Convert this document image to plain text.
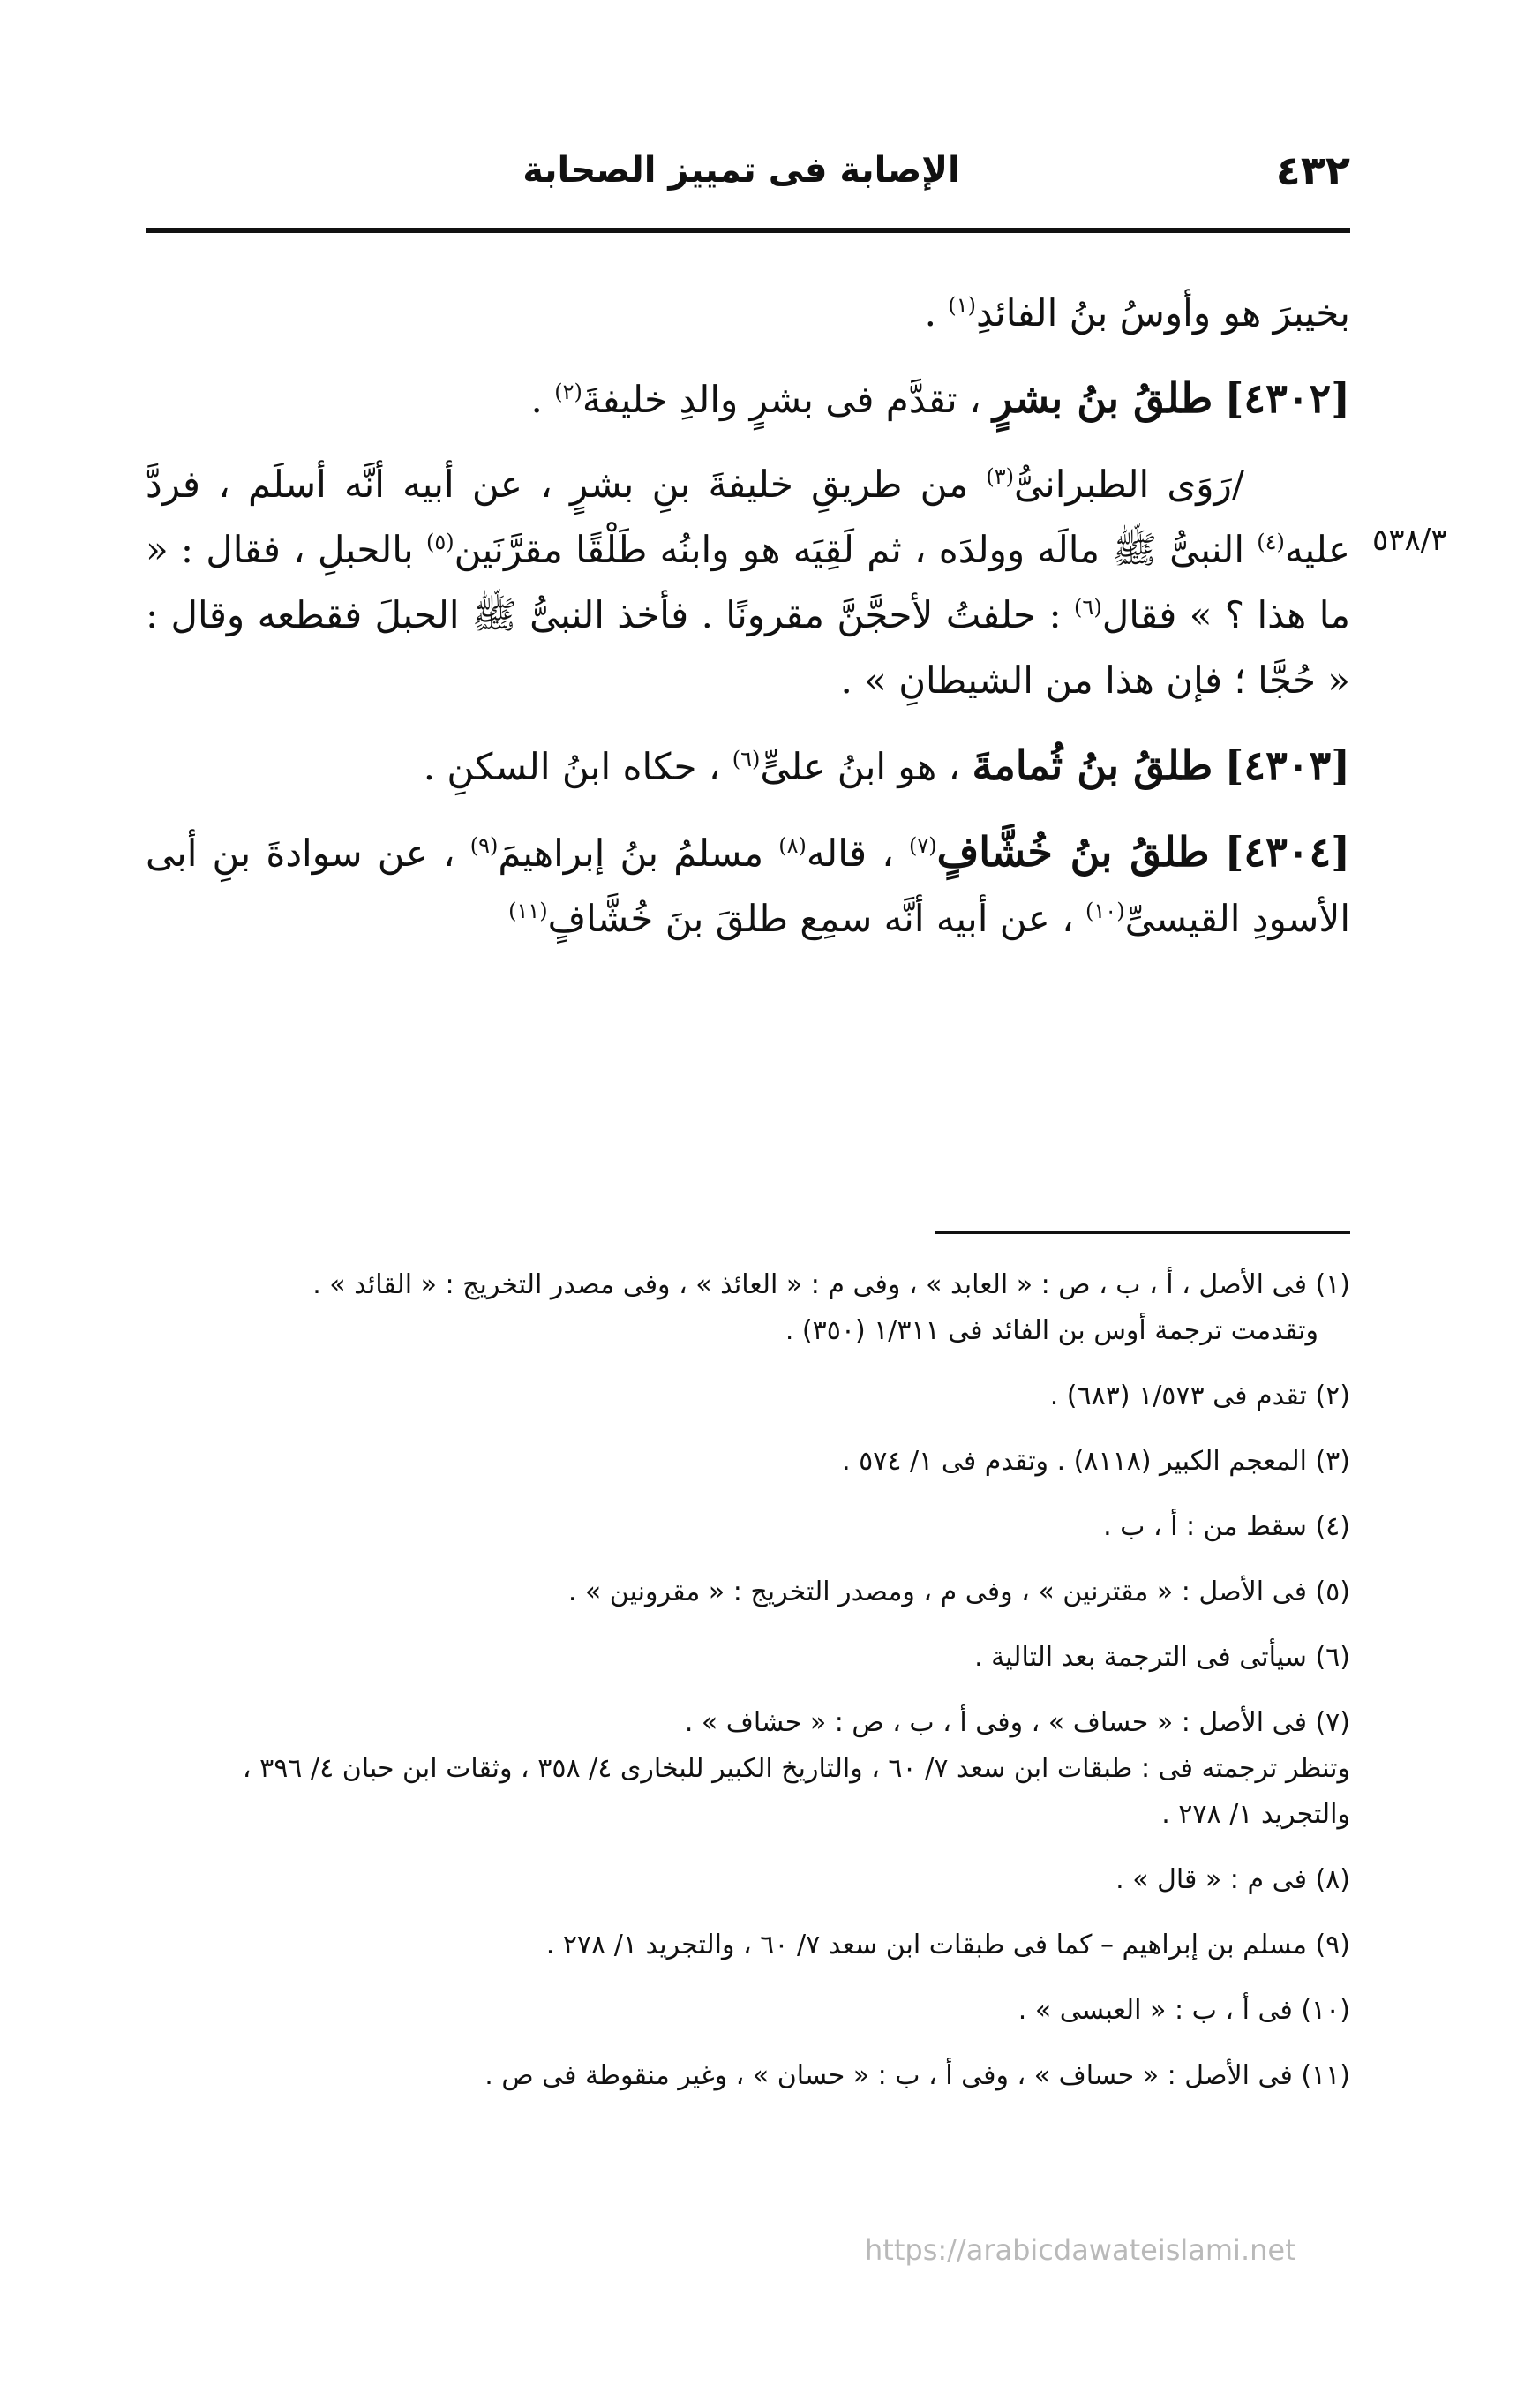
٤٣٢
الإصابة فى تمييز الصحابة
٥٣٨/٣

بخيبرَ هو وأوسُ بنُ الفائدِ$^{(١)}$ .

[٤٣٠٢] طلقُ بنُ بشرٍ ، تقدَّم فى بشرٍ والدِ خليفةَ$^{(٢)}$ .

/رَوَى الطبرانىُّ$^{(٣)}$ من طريقِ خليفةَ بنِ بشرٍ ، عن أبيه أنَّه أسلَم ، فردَّ عليه$^{(٤)}$ النبىُّ ﷺ مالَه وولدَه ، ثم لَقِيَه هو وابنُه طَلْقًا مقرَّنَين$^{(٥)}$ بالحبلِ ، فقال : « ما هذا ؟ » فقال$^{(٦)}$ : حلفتُ لأحجَّنَّ مقرونًا . فأخذ النبىُّ ﷺ الحبلَ فقطعه وقال : « حُجَّا ؛ فإن هذا من الشيطانِ » .

[٤٣٠٣] طلقُ بنُ ثُمامةَ ، هو ابنُ علىٍّ$^{(٦)}$ ، حكاه ابنُ السكنِ .

[٤٣٠٤] طلقُ بنُ خُشَّافٍ$^{(٧)}$ ، قاله$^{(٨)}$ مسلمُ بنُ إبراهيمَ$^{(٩)}$ ، عن سوادةَ بنِ أبى الأسودِ القيسىِّ$^{(١٠)}$ ، عن أبيه أنَّه سمِع طلقَ بنَ خُشَّافٍ$^{(١١)}$

(١) فى الأصل ، أ ، ب ، ص : « العابد » ، وفى م : « العائذ » ، وفى مصدر التخريج : « القائد » .
وتقدمت ترجمة أوس بن الفائد فى ١/٣١١ (٣٥٠) .
(٢) تقدم فى ١/٥٧٣ (٦٨٣) .
(٣) المعجم الكبير (٨١١٨) . وتقدم فى ١/ ٥٧٤ .
(٤) سقط من : أ ، ب .
(٥) فى الأصل : « مقترنين » ، وفى م ، ومصدر التخريج : « مقرونين » .
(٦) سيأتى فى الترجمة بعد التالية .
(٧) فى الأصل : « حساف » ، وفى أ ، ب ، ص : « حشاف » .
وتنظر ترجمته فى : طبقات ابن سعد ٧/ ٦٠ ، والتاريخ الكبير للبخارى ٤/ ٣٥٨ ، وثقات ابن حبان ٤/ ٣٩٦ ، والتجريد ١/ ٢٧٨ .
(٨) فى م : « قال » .
(٩) مسلم بن إبراهيم – كما فى طبقات ابن سعد ٧/ ٦٠ ، والتجريد ١/ ٢٧٨ .
(١٠) فى أ ، ب : « العبسى » .
(١١) فى الأصل : « حساف » ، وفى أ ، ب : « حسان » ، وغير منقوطة فى ص .
https://arabicdawateislami.net
